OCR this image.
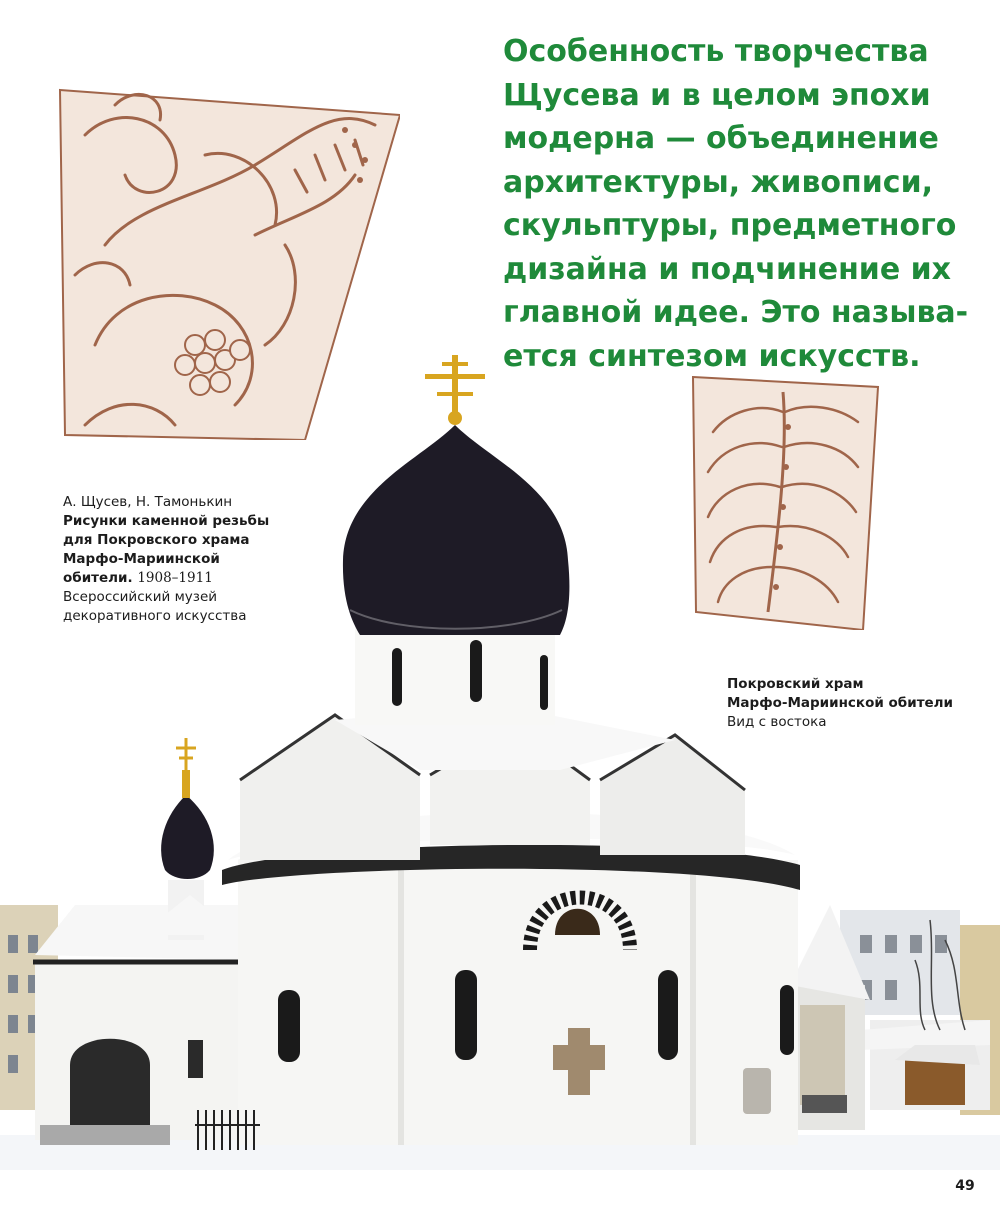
Особенность творчества
Щусева и в целом эпохи
модерна — объединение
архитектуры, живописи,
скульптуры, предметного
дизайна и подчинение их
главной идее. Это называ-
ется синтезом искусств.
А. Щусев, Н. Тамонькин
Рисунки каменной резьбы
для Покровского храма
Марфо-Мариинской
обители. 1908–1911
Всероссийский музей
декоративного искусства
Покровский храм
Марфо-Мариинской обители
Вид с востока
49
